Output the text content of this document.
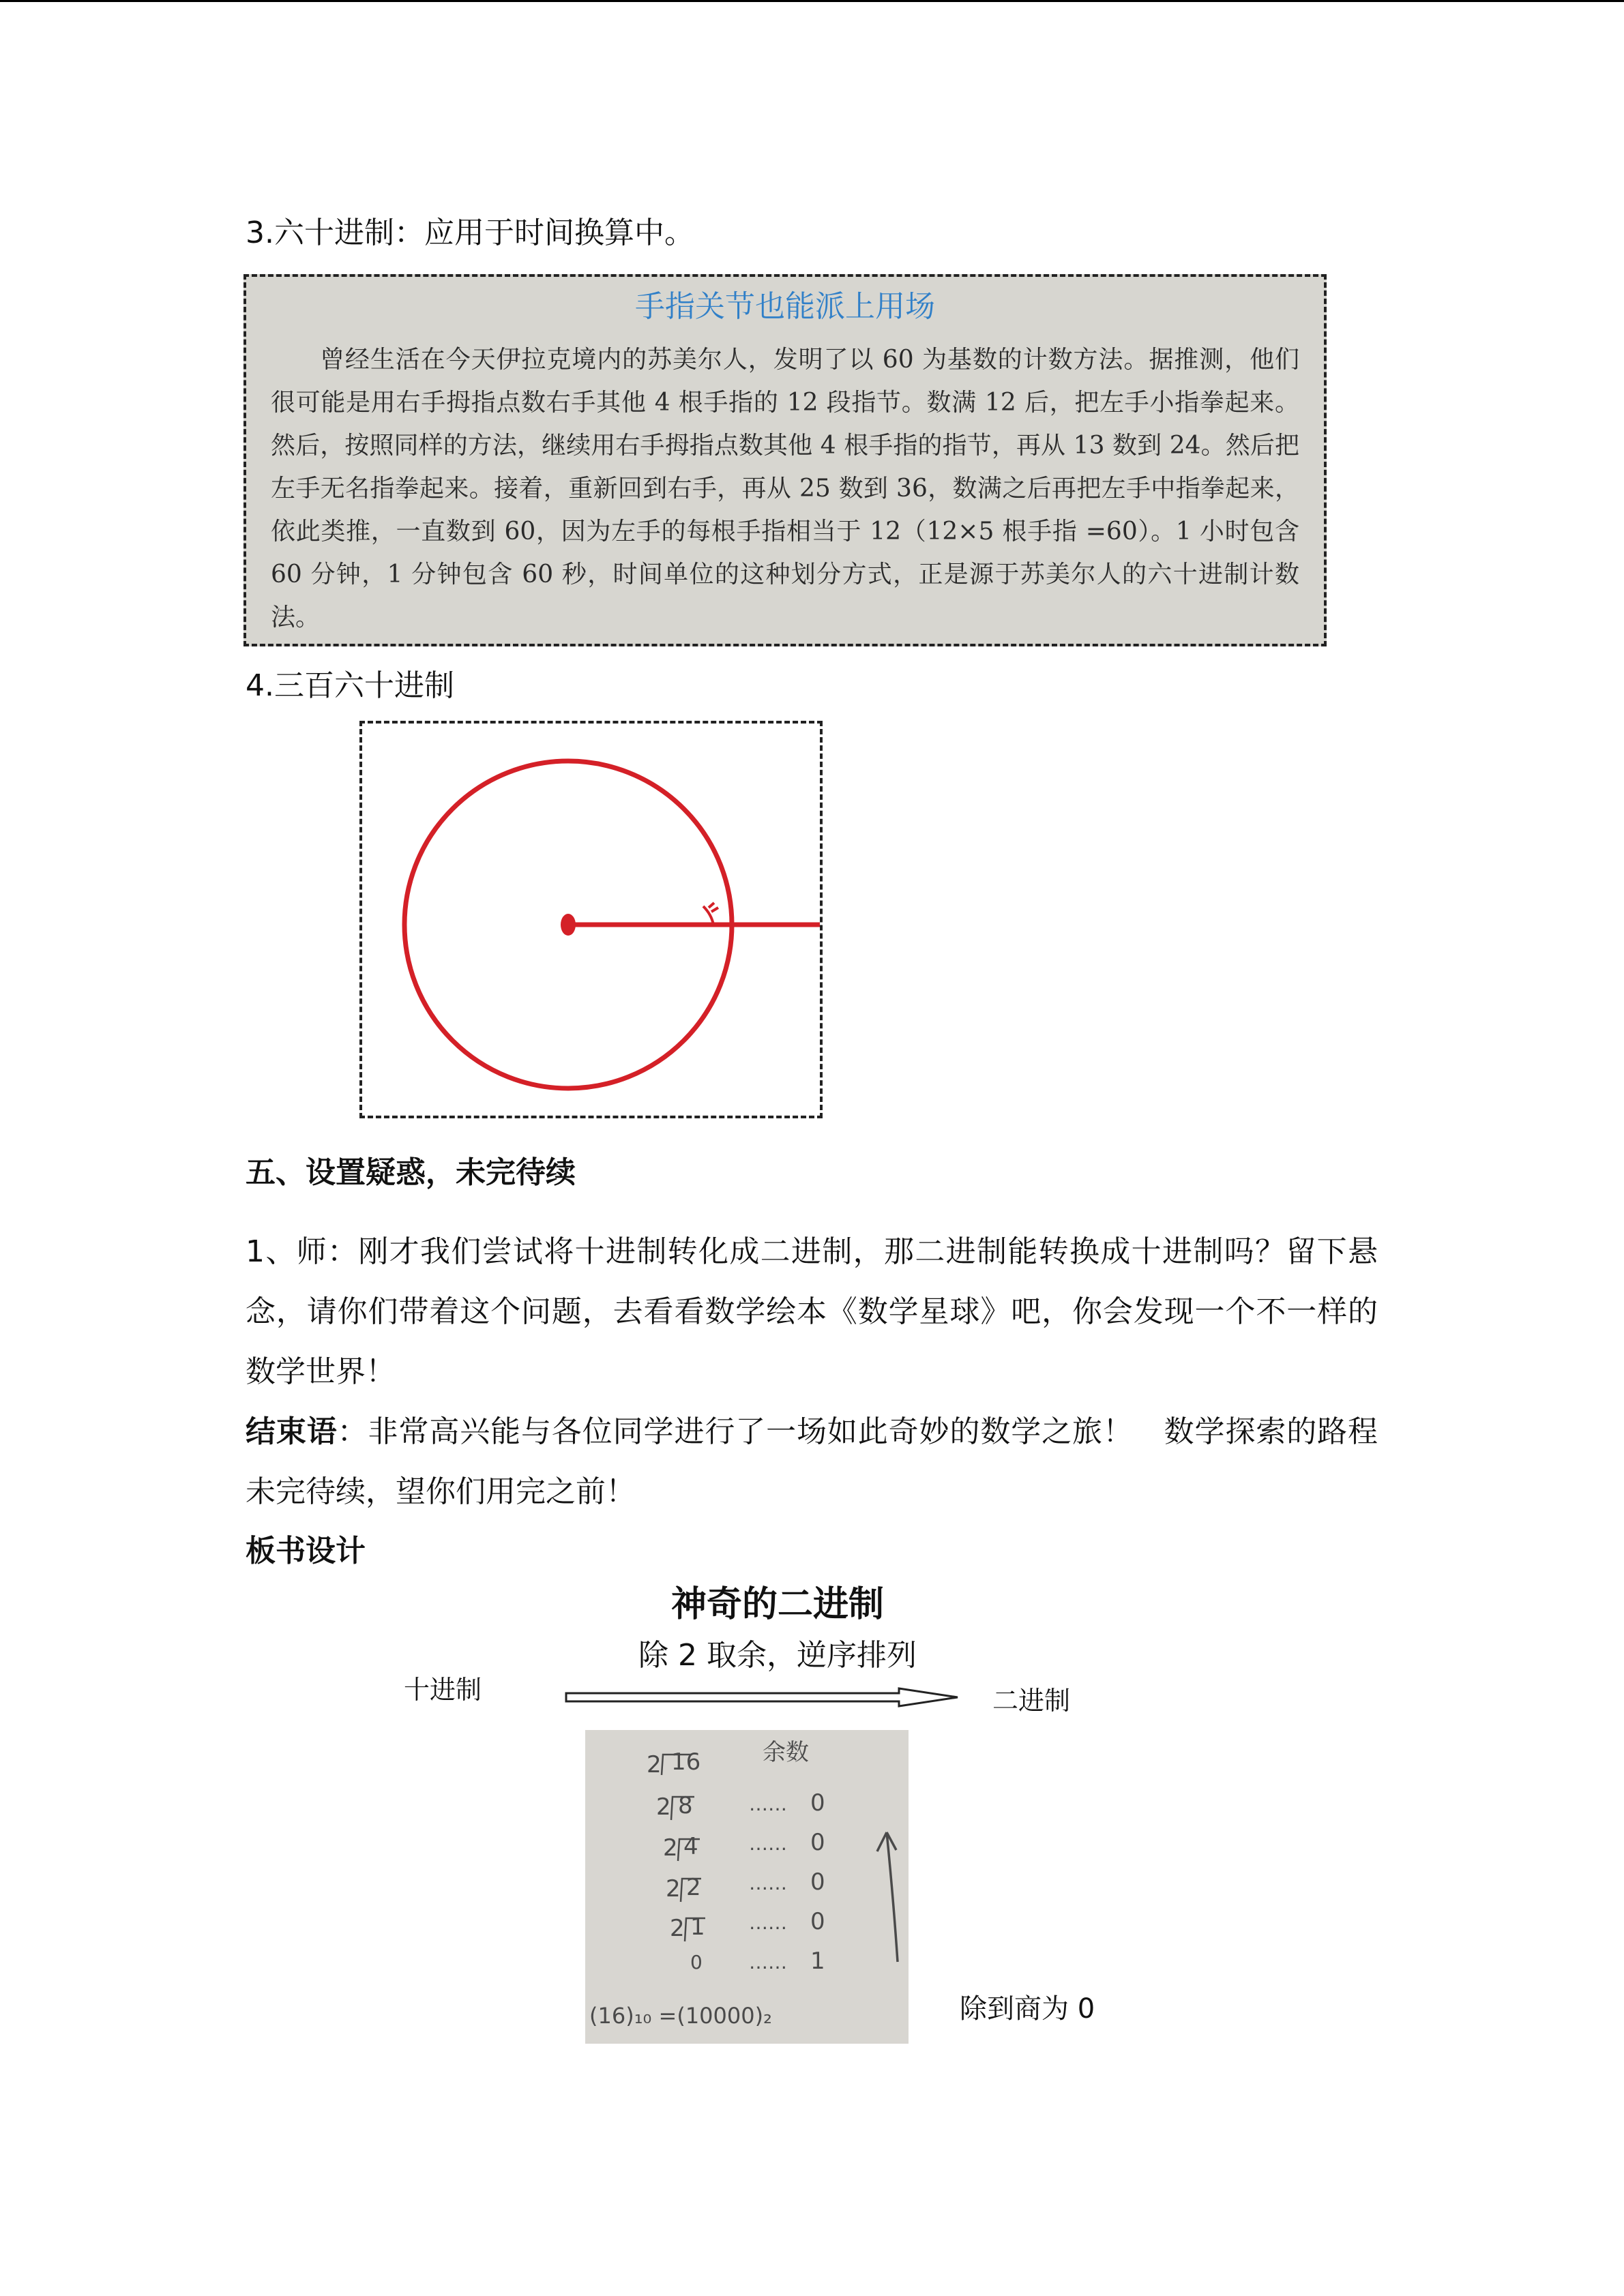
3.六十进制：应用于时间换算中。
手指关节也能派上用场
曾经生活在今天伊拉克境内的苏美尔人，发明了以 60 为基数的计数方法。据推测，他们很可能是用右手拇指点数右手其他 4 根手指的 12 段指节。数满 12 后，把左手小指拳起来。然后，按照同样的方法，继续用右手拇指点数其他 4 根手指的指节，再从 13 数到 24。然后把左手无名指拳起来。接着，重新回到右手，再从 25 数到 36，数满之后再把左手中指拳起来，依此类推，一直数到 60，因为左手的每根手指相当于 12（12×5 根手指 =60）。1 小时包含 60 分钟，1 分钟包含 60 秒，时间单位的这种划分方式，正是源于苏美尔人的六十进制计数法。
4.三百六十进制
五、设置疑惑，未完待续
1、师：刚才我们尝试将十进制转化成二进制，那二进制能转换成十进制吗？留下悬念，请你们带着这个问题，去看看数学绘本《数学星球》吧，你会发现一个不一样的数学世界！
结束语：非常高兴能与各位同学进行了一场如此奇妙的数学之旅！　数学探索的路程未完待续，望你们用完之前！
板书设计
神奇的二进制
除 2 取余，逆序排列
十进制	二进制
余数
2 16
2 8	…… 0
2 4	…… 0
2 2	…… 0
2 1 …… 0
0 …… 1
(16)₁₀ =(10000)₂	除到商为 0
